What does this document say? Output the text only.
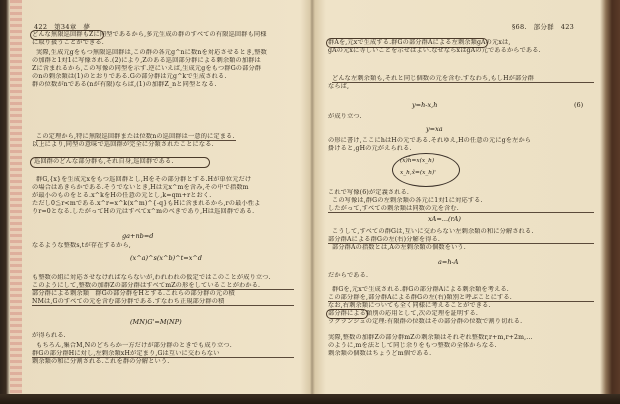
422　第34章　夢
どんな無限巡回群もZに同型であるから,多元生成の群のすべての有限巡回群も同様
に取り扱うことができる.
実際,生成元gをもつ無限巡回群は,この群の各元g^nに数nを対応させるとき,整数
の加群と1対1に写像される.(2)により,Zのある巡回部分群による剰余類の加群は
Zに含まれるから,この写像の同型を示す.逆にいえば,生成元gをもつ群Gの部分群
のnの剰余類は(1)のとおりである.Gの部分群は元g^kで生成される.
群の位数がnである(nが有限)ならば,(1)の加群Z_nと同型となる.
この定理から,特に無限巡回群または位数nの巡回群は一意的に定まる.
以上により,同型の意味で巡回群が完全に分類されたことになる.
巡回群のどんな部分群も,それ自身,巡回群である.
群G,{x}を生成元xをもつ巡回群とし,Hをその部分群とする.Hが単位元だけ
の場合はあきらかである.そうでないとき,Hは元x^mを含み,その中で指数m
が最小のものをとる.x^kをHの任意の元とし,k=qm+rとおく.
ただし0≦r<mである.x^r=x^k(x^m)^{-q}もHに含まれるから,rの最小性よ
りr=0となる.したがってHの元はすべてx^mのべきであり,Hは巡回群である.
ga+nb=d
なるような整数s,tが存在するから,
(x^a)^s(x^b)^t=x^d
も整数の組に対応させなければならないが,われわれの仮定ではこのことが成り立つ.
このようにして,整数の加群Zの部分群はすべてmZの形をしていることがわかる.
部分群による剰余類　群Gの部分群をHとする.これらの部分群の元の積
NMは,Gのすべての元を含む部分群である.すなわち正規部分群の積
(MN)G'=M(NP)
が得られる.
もちろん,集合M,Nのどちらか一方だけが部分群のときでも成り立つ.
群Gの部分群Hに対し,左剰余類xHが定まり,Gは互いに交わらない
剰余類の和に分割される.これを群の分解という.
§68.　部分群　423
群Aを,元xで生成する.群Gの部分群Aによる左剰余類gAの元xは,
gAの元xに等しいことを示せばよい.なぜならxはgAの元であるからである.
どんな左剰余類も,それと同じ個数の元を含む.すなわち,もしHが部分群
ならば,
y=h-x,h	(6)
が成り立つ.
y=xa
の形に書け,ここにhはHの元である.それゆえ,Hの任意の元にgを左から
掛けると,gHの元がえられる.
(x)h̃=x(x_h)
x_h,x̃=(x_h)'
これで写像(6)が定義される.
この写像は,群Gの左剰余類の各元に1対1に対応する.
したがって,すべての剰余類は同数の元を含む.
xA=...(rA)
こうして,すべての群Gは,互いに交わらない左剰余類の和に分解される.
部分群Aによる群Gの左(右)分解を得る.
部分群Aの指数とは,Aの左剰余類の個数をいう.
a=h-A
だからである.
群Gを,元xで生成される.群Gの部分群Aによる剰余類を考える.
この部分群を,部分群Aによる群Gの左(右)類別と呼ぶことにする.
なお,右剰余類についても全く同様に考えることができる.
部分群による類別の応用として,次の定理を証明する.
ラグランジュの定理:有限群の位数はその部分群の位数で割り切れる.
実際,整数の加群Zの部分群mZの剰余類はそれぞれ整数r,r+m,r+2m,...
のように,mを法として同じ余りをもつ整数の全体からなる.
剰余類の個数はちょうどm個である.
